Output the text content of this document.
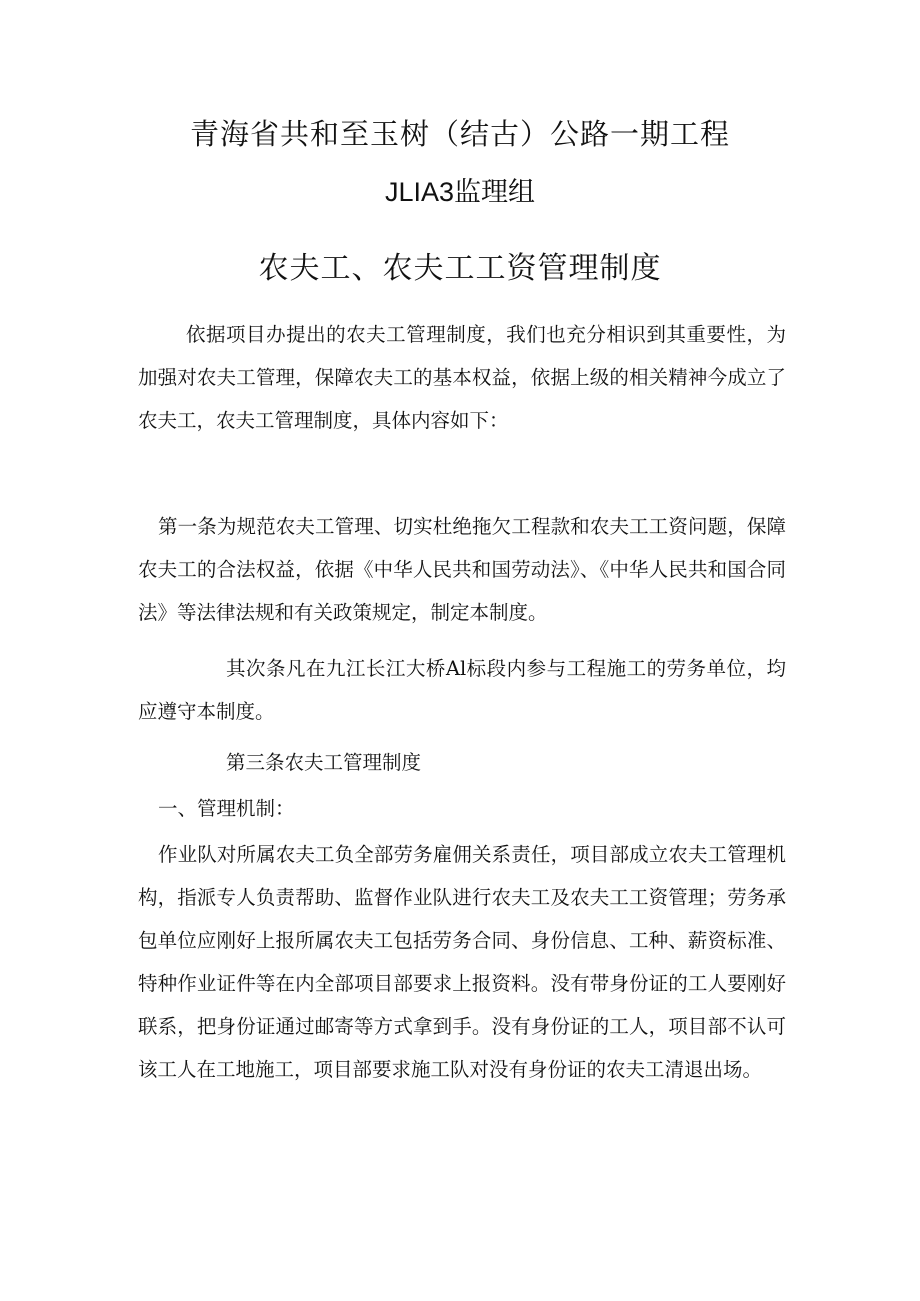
青海省共和至玉树（结古）公路一期工程
JLIA3监理组
农夫工、农夫工工资管理制度

依据项目办提出的农夫工管理制度，我们也充分相识到其重要性，为加强对农夫工管理，保障农夫工的基本权益，依据上级的相关精神今成立了农夫工，农夫工管理制度，具体内容如下：

第一条为规范农夫工管理、切实杜绝拖欠工程款和农夫工工资问题，保障农夫工的合法权益，依据《中华人民共和国劳动法》、《中华人民共和国合同法》等法律法规和有关政策规定，制定本制度。

其次条凡在九江长江大桥Al标段内参与工程施工的劳务单位，均应遵守本制度。

第三条农夫工管理制度

一、管理机制：

作业队对所属农夫工负全部劳务雇佣关系责任，项目部成立农夫工管理机构，指派专人负责帮助、监督作业队进行农夫工及农夫工工资管理；劳务承包单位应刚好上报所属农夫工包括劳务合同、身份信息、工种、薪资标准、特种作业证件等在内全部项目部要求上报资料。没有带身份证的工人要刚好联系，把身份证通过邮寄等方式拿到手。没有身份证的工人，项目部不认可该工人在工地施工，项目部要求施工队对没有身份证的农夫工清退出场。
